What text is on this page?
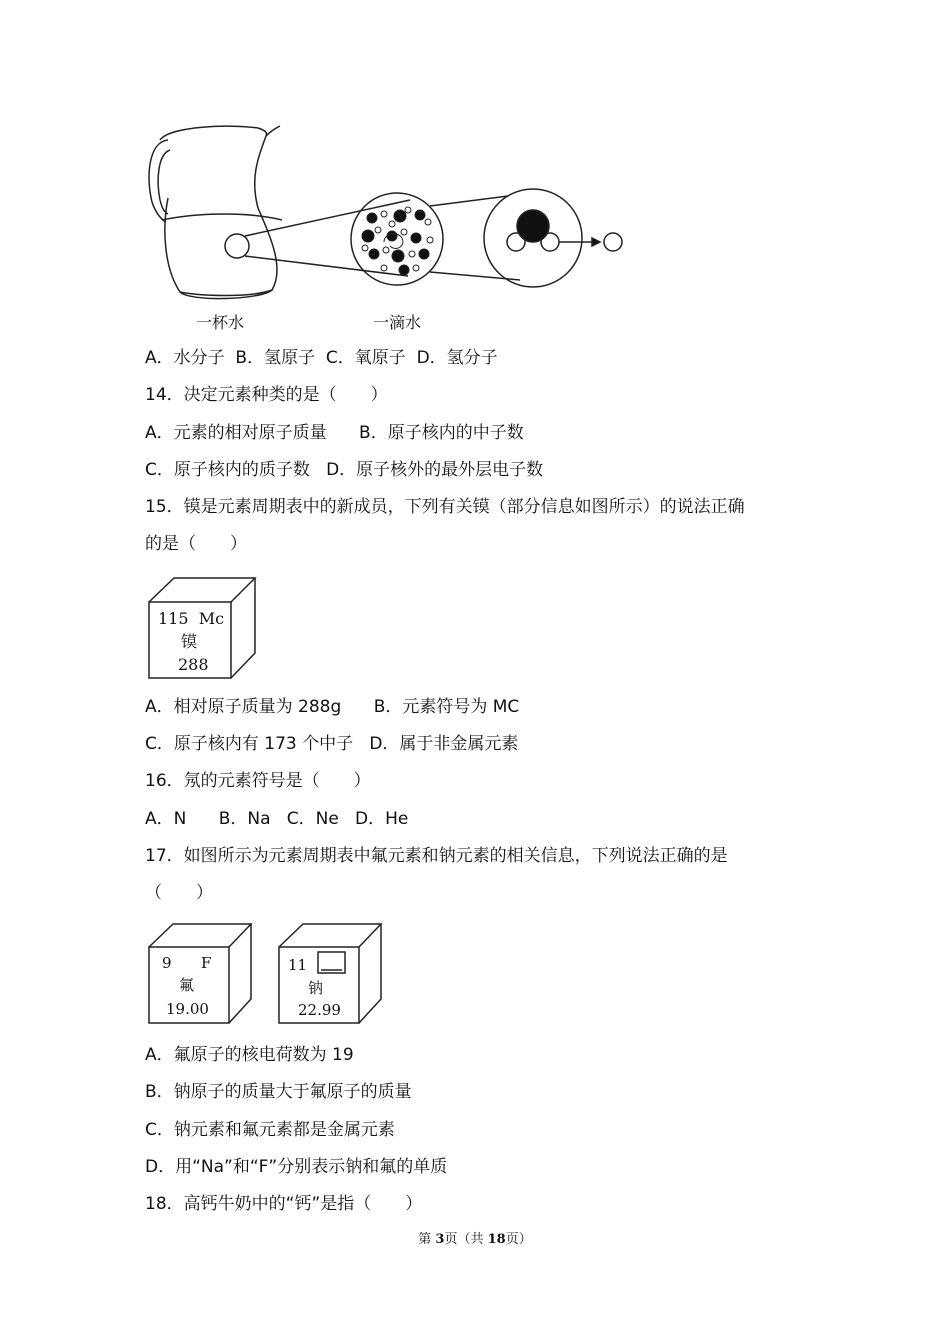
一杯水	一滴水
A．水分子  B．氢原子  C．氧原子  D．氢分子
14．决定元素种类的是（　　）
A．元素的相对原子质量      B．原子核内的中子数
C．原子核内的质子数   D．原子核外的最外层电子数
15．镆是元素周期表中的新成员，下列有关镆（部分信息如图所示）的说法正确
的是（　　）
115  Mc
镆
288
A．相对原子质量为 288g      B．元素符号为 MC
C．原子核内有 173 个中子   D．属于非金属元素
16．氖的元素符号是（　　）
A．N      B．Na   C．Ne   D．He
17．如图所示为元素周期表中氟元素和钠元素的相关信息，下列说法正确的是
（　　）
9 F
氟
19.00
11
钠
22.99
A．氟原子的核电荷数为 19
B．钠原子的质量大于氟原子的质量
C．钠元素和氟元素都是金属元素
D．用“Na”和“F”分别表示钠和氟的单质
18．高钙牛奶中的“钙”是指（　　）
第 3页（共 18页）
